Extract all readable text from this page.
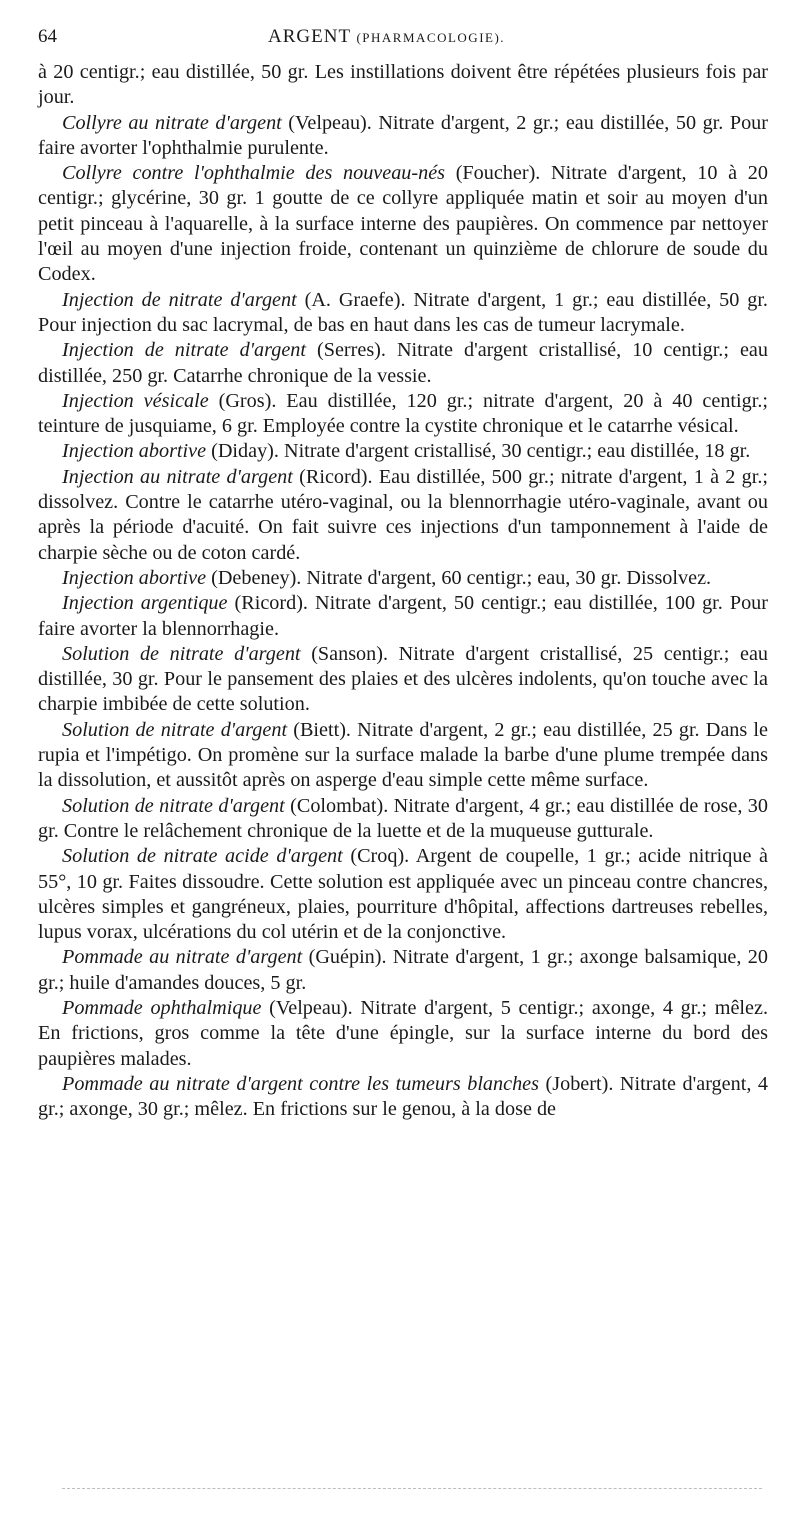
64	ARGENT (PHARMACOLOGIE).

à 20 centigr.; eau distillée, 50 gr. Les instillations doivent être répétées plusieurs fois par jour.

Collyre au nitrate d'argent (Velpeau). Nitrate d'argent, 2 gr.; eau distillée, 50 gr. Pour faire avorter l'ophthalmie purulente.

Collyre contre l'ophthalmie des nouveau-nés (Foucher). Nitrate d'argent, 10 à 20 centigr.; glycérine, 30 gr. 1 goutte de ce collyre appliquée matin et soir au moyen d'un petit pinceau à l'aquarelle, à la surface interne des paupières. On commence par nettoyer l'œil au moyen d'une injection froide, contenant un quinzième de chlorure de soude du Codex.

Injection de nitrate d'argent (A. Graefe). Nitrate d'argent, 1 gr.; eau distillée, 50 gr. Pour injection du sac lacrymal, de bas en haut dans les cas de tumeur lacrymale.

Injection de nitrate d'argent (Serres). Nitrate d'argent cristallisé, 10 centigr.; eau distillée, 250 gr. Catarrhe chronique de la vessie.

Injection vésicale (Gros). Eau distillée, 120 gr.; nitrate d'argent, 20 à 40 centigr.; teinture de jusquiame, 6 gr. Employée contre la cystite chronique et le catarrhe vésical.

Injection abortive (Diday). Nitrate d'argent cristallisé, 30 centigr.; eau distillée, 18 gr.

Injection au nitrate d'argent (Ricord). Eau distillée, 500 gr.; nitrate d'argent, 1 à 2 gr.; dissolvez. Contre le catarrhe utéro-vaginal, ou la blennorrhagie utéro-vaginale, avant ou après la période d'acuité. On fait suivre ces injections d'un tamponnement à l'aide de charpie sèche ou de coton cardé.

Injection abortive (Debeney). Nitrate d'argent, 60 centigr.; eau, 30 gr. Dissolvez.

Injection argentique (Ricord). Nitrate d'argent, 50 centigr.; eau distillée, 100 gr. Pour faire avorter la blennorrhagie.

Solution de nitrate d'argent (Sanson). Nitrate d'argent cristallisé, 25 centigr.; eau distillée, 30 gr. Pour le pansement des plaies et des ulcères indolents, qu'on touche avec la charpie imbibée de cette solution.

Solution de nitrate d'argent (Biett). Nitrate d'argent, 2 gr.; eau distillée, 25 gr. Dans le rupia et l'impétigo. On promène sur la surface malade la barbe d'une plume trempée dans la dissolution, et aussitôt après on asperge d'eau simple cette même surface.

Solution de nitrate d'argent (Colombat). Nitrate d'argent, 4 gr.; eau distillée de rose, 30 gr. Contre le relâchement chronique de la luette et de la muqueuse gutturale.

Solution de nitrate acide d'argent (Croq). Argent de coupelle, 1 gr.; acide nitrique à 55°, 10 gr. Faites dissoudre. Cette solution est appliquée avec un pinceau contre chancres, ulcères simples et gangréneux, plaies, pourriture d'hôpital, affections dartreuses rebelles, lupus vorax, ulcérations du col utérin et de la conjonctive.

Pommade au nitrate d'argent (Guépin). Nitrate d'argent, 1 gr.; axonge balsamique, 20 gr.; huile d'amandes douces, 5 gr.

Pommade ophthalmique (Velpeau). Nitrate d'argent, 5 centigr.; axonge, 4 gr.; mêlez. En frictions, gros comme la tête d'une épingle, sur la surface interne du bord des paupières malades.

Pommade au nitrate d'argent contre les tumeurs blanches (Jobert). Nitrate d'argent, 4 gr.; axonge, 30 gr.; mêlez. En frictions sur le genou, à la dose de
